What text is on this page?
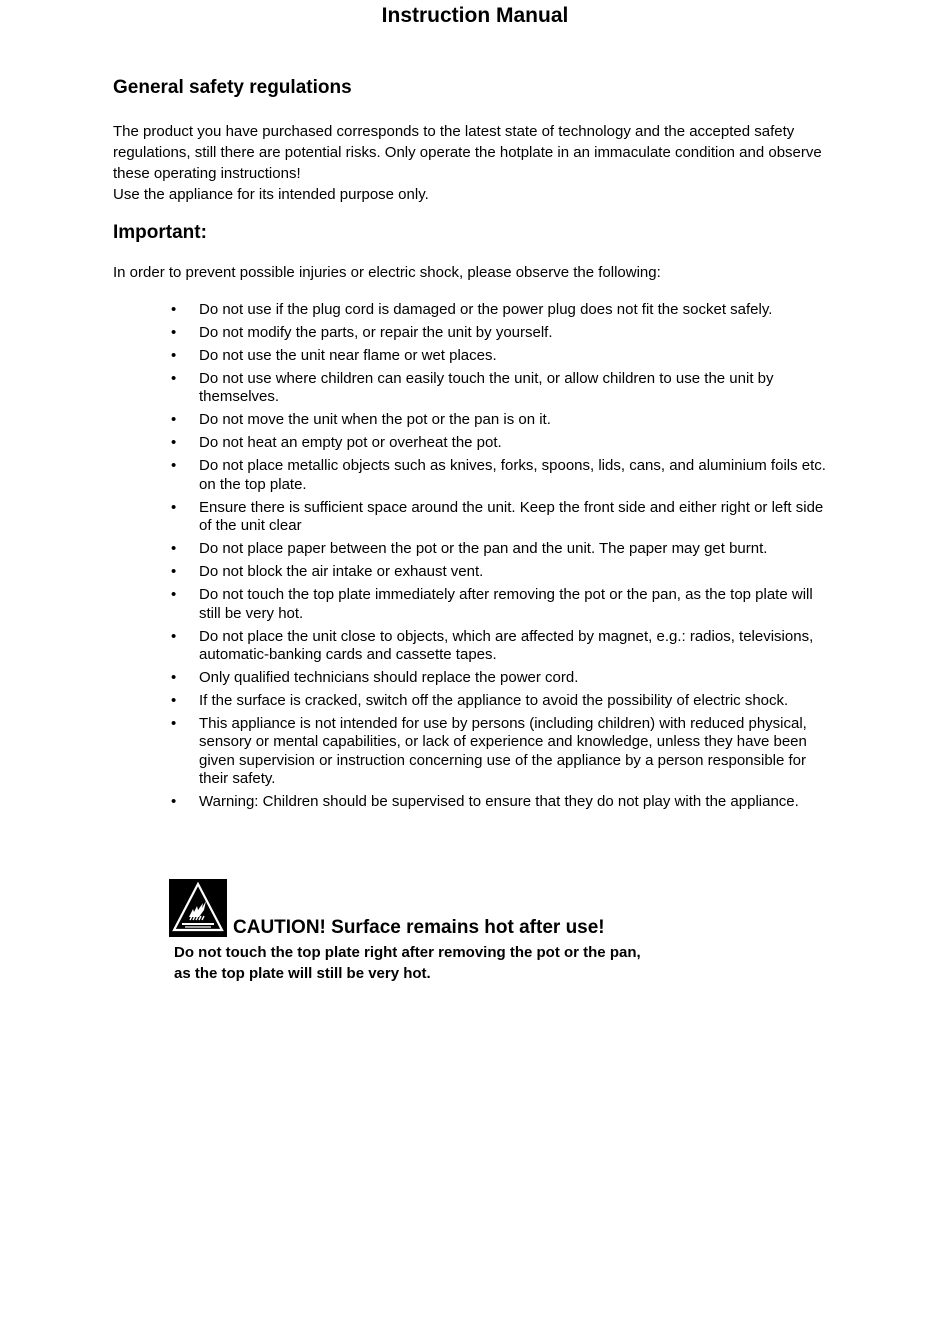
Instruction Manual
General safety regulations

The product you have purchased corresponds to the latest state of technology and the accepted safety regulations, still there are potential risks. Only operate the hotplate in an immaculate condition and observe these operating instructions!

Use the appliance for its intended purpose only.

Important:

In order to prevent possible injuries or electric shock, please observe the following:

• Do not use if the plug cord is damaged or the power plug does not fit the socket safely.
• Do not modify the parts, or repair the unit by yourself.
• Do not use the unit near flame or wet places.
• Do not use where children can easily touch the unit, or allow children to use the unit by themselves.
• Do not move the unit when the pot or the pan is on it.
• Do not heat an empty pot or overheat the pot.
• Do not place metallic objects such as knives, forks, spoons, lids, cans, and aluminium foils etc. on the top plate.
• Ensure there is sufficient space around the unit. Keep the front side and either right or left side of the unit clear
• Do not place paper between the pot or the pan and the unit. The paper may get burnt.
• Do not block the air intake or exhaust vent.
• Do not touch the top plate immediately after removing the pot or the pan, as the top plate will still be very hot.
• Do not place the unit close to objects, which are affected by magnet, e.g.: radios, televisions, automatic-banking cards and cassette tapes.
• Only qualified technicians should replace the power cord.
• If the surface is cracked, switch off the appliance to avoid the possibility of electric shock.
• This appliance is not intended for use by persons (including children) with reduced physical, sensory or mental capabilities, or lack of experience and knowledge, unless they have been given supervision or instruction concerning use of the appliance by a person responsible for their safety.
• Warning: Children should be supervised to ensure that they do not play with the appliance.
CAUTION! Surface remains hot after use!

Do not touch the top plate right after removing the pot or the pan,
as the top plate will still be very hot.
